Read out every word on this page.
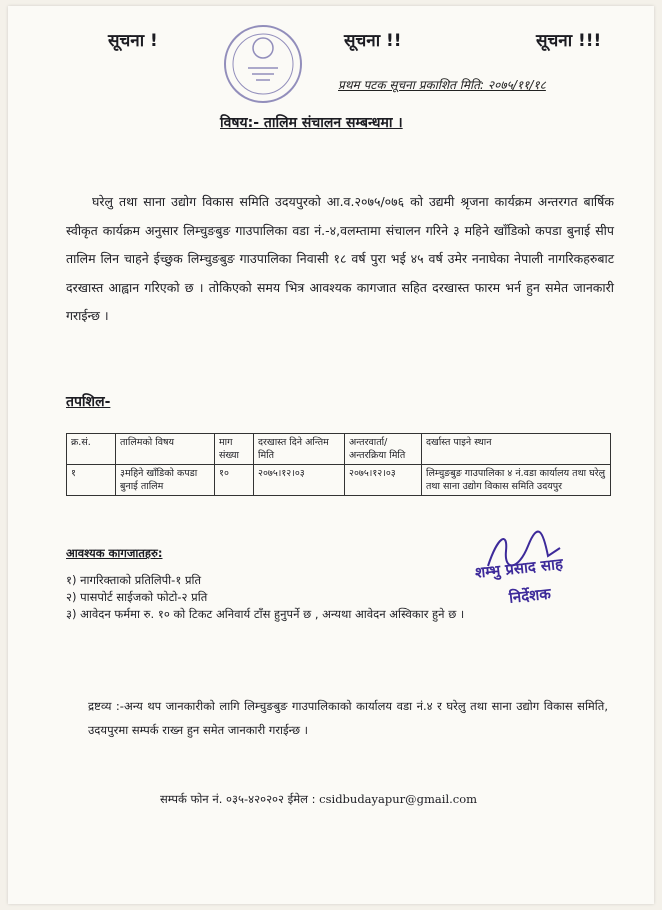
सूचना !	सूचना !!	सूचना !!!
प्रथम पटक सूचना प्रकाशित मिति: २०७५/११/१८
विषय:- तालिम संचालन सम्बन्धमा ।

घरेलु तथा साना उद्योग विकास समिति उदयपुरको आ.व.२०७५/०७६ को उद्यमी श्रृजना कार्यक्रम अन्तरगत बार्षिक स्वीकृत कार्यक्रम अनुसार लिम्चुङबुङ गाउपालिका वडा नं.-४,वलम्तामा संचालन गरिने ३ महिने खाँडिको कपडा बुनाई सीप तालिम लिन चाहने ईच्छुक लिम्चुङबुङ गाउपालिका निवासी १८ वर्ष पुरा भई ४५ वर्ष उमेर ननाघेका नेपाली नागरिकहरुबाट दरखास्त आह्वान गरिएको छ । तोकिएको समय भित्र आवश्यक कागजात सहित दरखास्त फारम भर्न हुन समेत जानकारी गराईन्छ ।

तपशिल-
क्र.सं.	तालिमको विषय	माग संख्या	दरखास्त दिने अन्तिम मिति	अन्तरवार्ता/अन्तरक्रिया मिति	दर्खास्त पाइने स्थान
१	३महिने खाँडिको कपडा बुनाई तालिम	१०	२०७५।१२।०३	२०७५।१२।०३	लिम्चुङबुङ गाउपालिका ४ नं.वडा कार्यालय तथा घरेलु तथा साना उद्योग विकास समिति उदयपुर
आवश्यक कागजातहरु:
१) नागरिक्ताको प्रतिलिपी-१ प्रति
२) पासपोर्ट साईजको फोटो-२ प्रति
३) आवेदन फर्ममा रु. १० को टिकट अनिवार्य टाँस हुनुपर्ने छ , अन्यथा आवेदन अस्विकार हुने छ ।
शम्भु प्रसाद साह
निर्देशक
द्रष्टव्य :-अन्य थप जानकारीको लागि लिम्चुङबुङ गाउपालिकाको कार्यालय वडा नं.४ र घरेलु तथा साना उद्योग विकास समिति, उदयपुरमा सम्पर्क राख्न हुन समेत जानकारी गराईन्छ ।
सम्पर्क फोन नं. ०३५-४२०२०२ ईमेल : csidbudayapur@gmail.com
